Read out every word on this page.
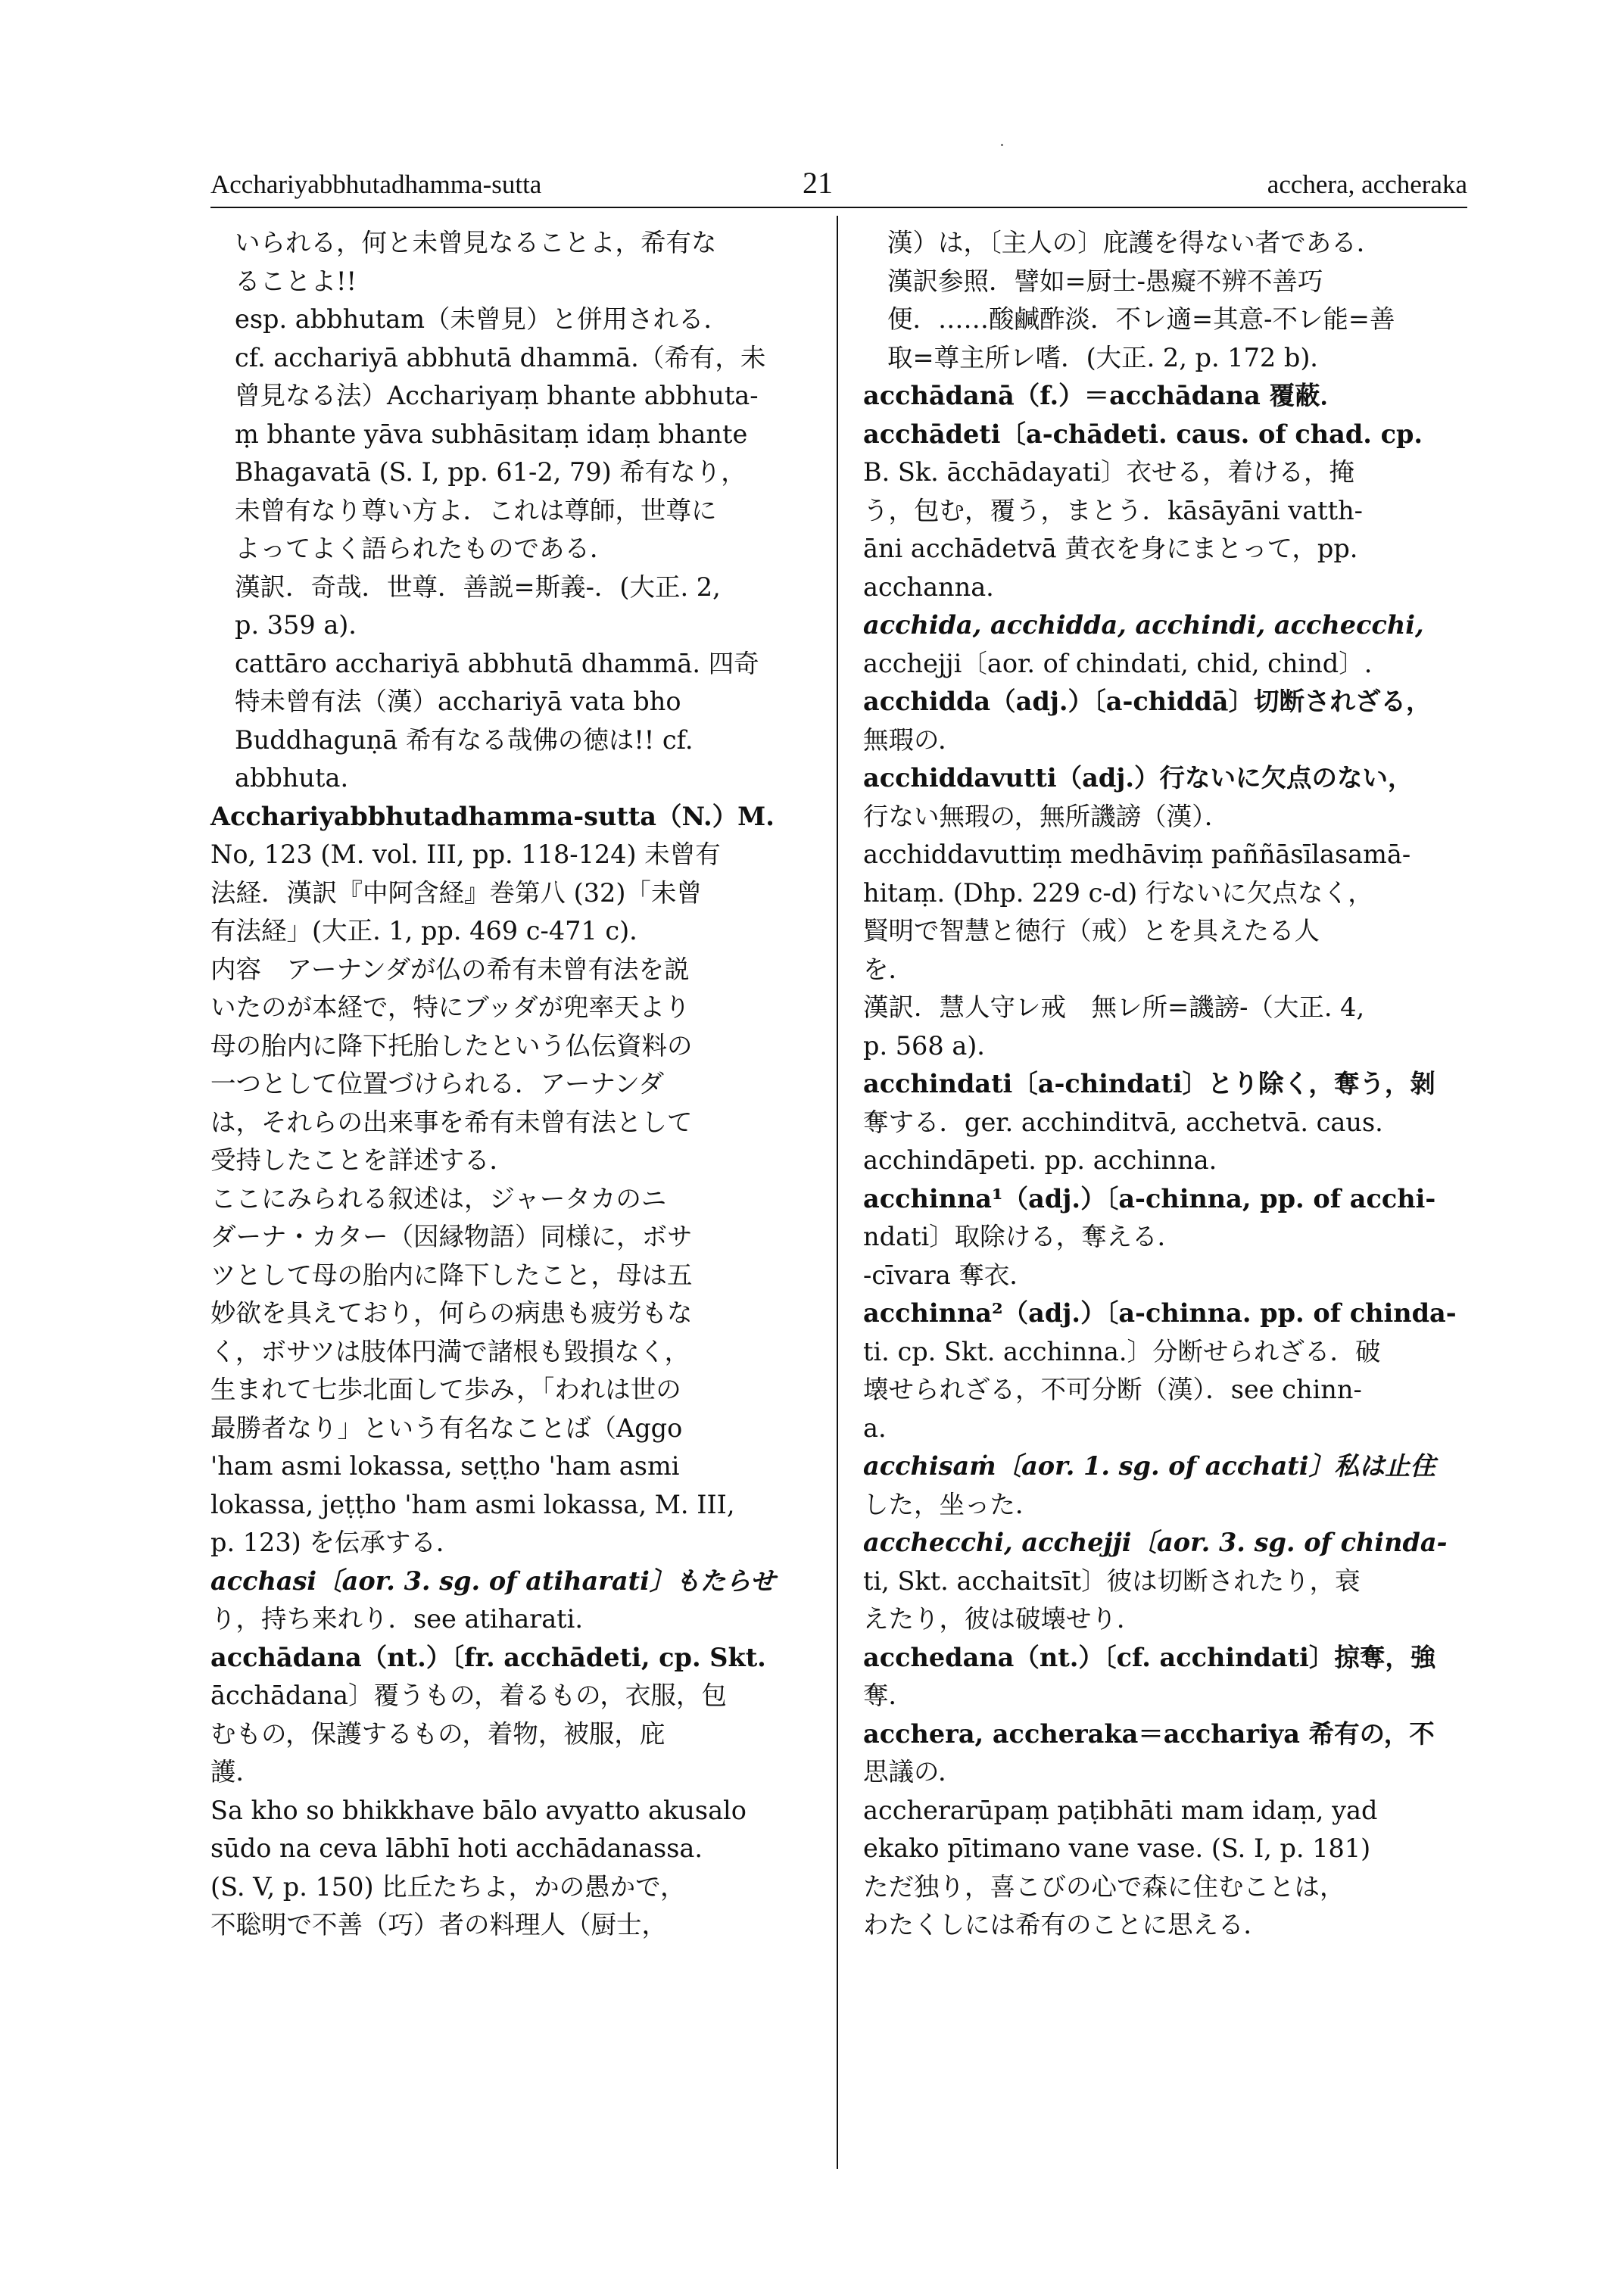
Acchariyabbhutadhamma-sutta	21	acchera, accheraka
いられる，何と未曾見なることよ，希有な
ることよ!!
esp. abbhutam（未曾見）と併用される．
cf. acchariyā abbhutā dhammā.（希有，未
曾見なる法）Acchariyaṃ bhante abbhuta-
ṃ bhante yāva subhāsitaṃ idaṃ bhante
Bhagavatā (S. I, pp. 61-2, 79) 希有なり，
未曾有なり尊い方よ．これは尊師，世尊に
よってよく語られたものである．
漢訳．奇哉．世尊．善説=斯義-．(大正. 2,
p. 359 a)．
cattāro acchariyā abbhutā dhammā. 四奇
特未曾有法（漢）acchariyā vata bho
Buddhaguṇā 希有なる哉佛の徳は!! cf.
abbhuta.
Acchariyabbhutadhamma-sutta（N.）M.
No, 123 (M. vol. III, pp. 118-124) 未曾有
法経．漢訳『中阿含経』巻第八 (32)「未曾
有法経」(大正. 1, pp. 469 c-471 c)．
内容　アーナンダが仏の希有未曾有法を説
いたのが本経で，特にブッダが兜率天より
母の胎内に降下托胎したという仏伝資料の
一つとして位置づけられる．アーナンダ
は，それらの出来事を希有未曾有法として
受持したことを詳述する．
ここにみられる叙述は，ジャータカのニ
ダーナ・カター（因縁物語）同様に，ボサ
ツとして母の胎内に降下したこと，母は五
妙欲を具えており，何らの病患も疲労もな
く，ボサツは肢体円満で諸根も毀損なく，
生まれて七歩北面して歩み，「われは世の
最勝者なり」という有名なことば（Aggo
'ham asmi lokassa, seṭṭho 'ham asmi
lokassa, jeṭṭho 'ham asmi lokassa, M. III,
p. 123) を伝承する．
acchasi〔aor. 3. sg. of atiharati〕もたらせ
り，持ち来れり．see atiharati.
acchādana（nt.）〔fr. acchādeti, cp. Skt.
ācchādana〕覆うもの，着るもの，衣服，包
むもの，保護するもの，着物，被服，庇
護．
Sa kho so bhikkhave bālo avyatto akusalo
sūdo na ceva lābhī hoti acchādanassa.
(S. V, p. 150) 比丘たちよ，かの愚かで，
不聡明で不善（巧）者の料理人（厨士，
漢）は，〔主人の〕庇護を得ない者である．
漢訳参照．譬如=厨士-愚癡不辨不善巧
便．……酸鹹酢淡．不レ適=其意-不レ能=善
取=尊主所レ嗜．(大正. 2, p. 172 b)．
acchādanā（f.）＝acchādana 覆蔽．
acchādeti〔a-chādeti. caus. of chad. cp.
B. Sk. ācchādayati〕衣せる，着ける，掩
う，包む，覆う，まとう．kāsāyāni vatth-
āni acchādetvā 黄衣を身にまとって，pp.
acchanna.
acchida, acchidda, acchindi, acchecchi,
acchejji〔aor. of chindati, chid, chind〕.
acchidda（adj.）〔a-chiddā〕切断されざる，
無瑕の．
acchiddavutti（adj.）行ないに欠点のない，
行ない無瑕の，無所譏謗（漢）．
acchiddavuttiṃ medhāviṃ paññāsīlasamā-
hitaṃ. (Dhp. 229 c-d) 行ないに欠点なく，
賢明で智慧と徳行（戒）とを具えたる人
を．
漢訳．慧人守レ戒　無レ所=譏謗-（大正. 4,
p. 568 a)．
acchindati〔a-chindati〕とり除く，奪う，剝
奪する．ger. acchinditvā, acchetvā. caus.
acchindāpeti. pp. acchinna.
acchinna¹（adj.）〔a-chinna, pp. of acchi-
ndati〕取除ける，奪える．
-cīvara 奪衣．
acchinna²（adj.）〔a-chinna. pp. of chinda-
ti. cp. Skt. acchinna.〕分断せられざる．破
壊せられざる，不可分断（漢）．see chinn-
a.
acchisaṁ〔aor. 1. sg. of acchati〕私は止住
した，坐った．
acchecchi, acchejji〔aor. 3. sg. of chinda-
ti, Skt. acchaitsīt〕彼は切断されたり，衰
えたり，彼は破壊せり．
acchedana（nt.）〔cf. acchindati〕掠奪，強
奪．
acchera, accheraka＝acchariya 希有の，不
思議の．
accherarūpaṃ paṭibhāti mam idaṃ, yad
ekako pītimano vane vase. (S. I, p. 181)
ただ独り，喜こびの心で森に住むことは，
わたくしには希有のことに思える．
